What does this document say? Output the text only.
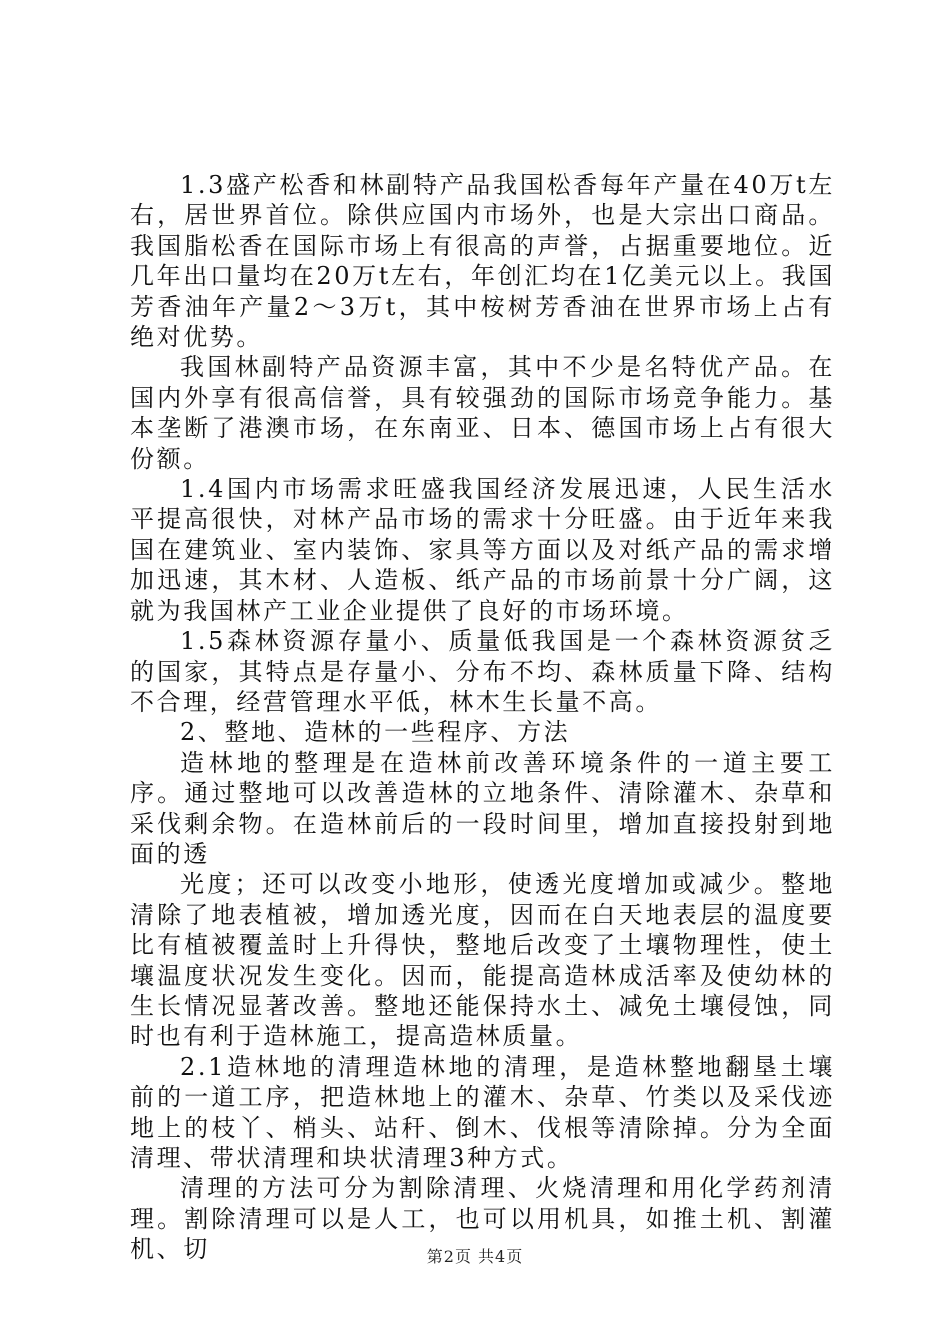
1.3盛产松香和林副特产品我国松香每年产量在40万t左右，居世界首位。除供应国内市场外，也是大宗出口商品。我国脂松香在国际市场上有很高的声誉，占据重要地位。近几年出口量均在20万t左右，年创汇均在1亿美元以上。我国芳香油年产量2～3万t，其中桉树芳香油在世界市场上占有绝对优势。

我国林副特产品资源丰富，其中不少是名特优产品。在国内外享有很高信誉，具有较强劲的国际市场竞争能力。基本垄断了港澳市场，在东南亚、日本、德国市场上占有很大份额。

1.4国内市场需求旺盛我国经济发展迅速，人民生活水平提高很快，对林产品市场的需求十分旺盛。由于近年来我国在建筑业、室内装饰、家具等方面以及对纸产品的需求增加迅速，其木材、人造板、纸产品的市场前景十分广阔，这就为我国林产工业企业提供了良好的市场环境。

1.5森林资源存量小、质量低我国是一个森林资源贫乏的国家，其特点是存量小、分布不均、森林质量下降、结构不合理，经营管理水平低，林木生长量不高。

2、整地、造林的一些程序、方法

造林地的整理是在造林前改善环境条件的一道主要工序。通过整地可以改善造林的立地条件、清除灌木、杂草和采伐剩余物。在造林前后的一段时间里，增加直接投射到地面的透

光度；还可以改变小地形，使透光度增加或减少。整地清除了地表植被，增加透光度，因而在白天地表层的温度要比有植被覆盖时上升得快，整地后改变了土壤物理性，使土壤温度状况发生变化。因而，能提高造林成活率及使幼林的生长情况显著改善。整地还能保持水土、减免土壤侵蚀，同时也有利于造林施工，提高造林质量。

2.1造林地的清理造林地的清理，是造林整地翻垦土壤前的一道工序，把造林地上的灌木、杂草、竹类以及采伐迹地上的枝丫、梢头、站秆、倒木、伐根等清除掉。分为全面清理、带状清理和块状清理3种方式。

清理的方法可分为割除清理、火烧清理和用化学药剂清理。割除清理可以是人工，也可以用机具，如推土机、割灌机、切	第2页 共4页
